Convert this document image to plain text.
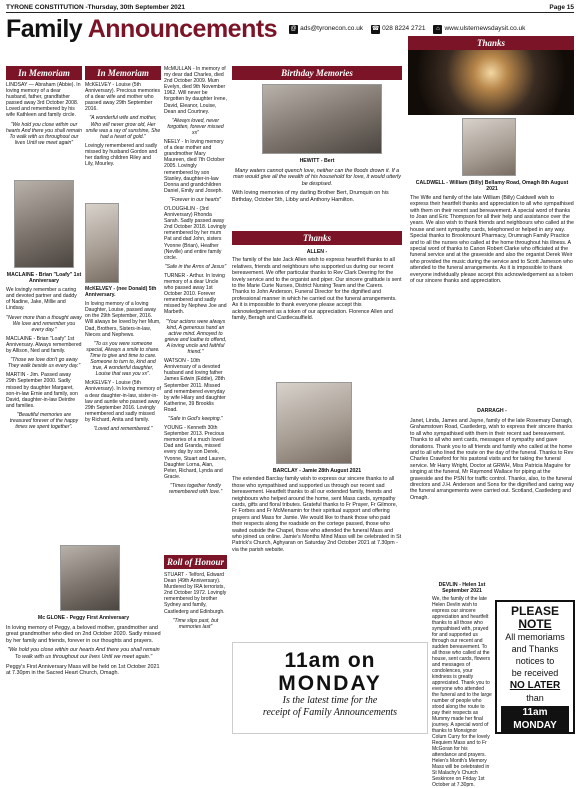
TYRONE CONSTITUTION -Thursday, 30th September 2021	Page 15
Family Announcements @ ads@tyronecon.co.uk ☎ 028 8224 2721	⌂ www.ulsternewsdaysit.co.uk
Thanks
In Memoriam

LINDSAY — Abraham (Abbie). In loving memory of a dear husband, father, grandfather passed away 3rd October 2008. Loved and remembered by his wife Kathleen and family circle.

"We hold you close within our hearts And there you shall remain To walk with us throughout our lives Until we meet again"

MACLAINE - Brian "Loafy" 1st Anniversary

We lovingly remember a caring and devoted partner and daddy of Nadine, Jake, Millie and Lindsay.

"Never more than a thought away We love and remember you every day."

MACLAINE - Brian "Loafy" 1st Anniversary. Always remembered by Allison, Ned and family.

"Those we love don't go away They walk beside us every day."

MARTIN - Jim. Passed away 29th September 2000. Sadly missed by daughter Margaret, son-in-law Ernie and family, son David, daughter-in-law Deirdre and families.

"Beautiful memories are treasured forever of the happy times we spent together".

In Memoriam

McKELVEY - Louise (5th Anniversary). Precious memories of a dear wife and mother who passed away 29th September 2016.

"A wonderful wife and mother, Who will never grow old, Her smile was a ray of sunshine, She had a heart of gold."

Lovingly remembered and sadly missed by husband Gordon and her darling children Riley and Lily, Mourley.

McKELVEY - (nee Donald) 5th Anniversary.

In loving memory of a loving Daughter, Louise, passed away on the 29th September, 2016. Will always be loved by her Mum, Dad, Brothers, Sisters-in-law, Nieces and Nephews.

"To us you were someone special, Always a smile to share. Time to give and time to care. Someone to turn to, kind and true, A wonderful daughter, Louise that was you xx".

McKELVEY - Louise (5th Anniversary). In loving memory of a dear daughter-in-law, sister-in-law and auntie who passed away 29th September 2016. Lovingly remembered and sadly missed by Richard, Anita and family.

"Loved and remembered."

Mc GLONE - Peggy First Anniversary

In loving memory of Peggy, a beloved mother, grandmother and great grandmother who died on 2nd October 2020. Sadly missed by her family and friends, forever in our thoughts and prayers.

"We hold you close within our hearts And there you shall remain To walk with us throughout our lives Until we meet again."

Peggy's First Anniversary Mass will be held on 1st October 2021 at 7.30pm in the Sacred Heart Church, Omagh.

McMULLAN - In memory of my dear dad Charles, died 2nd October 2009. Mum Evelyn, died 9th November 1962. Will never be forgotten by daughter Irene, David, Eleanor, Louise, Dean and Courtney.

"Always loved, never forgotten, forever missed xx"

NEELY - In loving memory of a dear mother and grandmother Mary Maureen, died 7th October 2005. Lovingly remembered by son Stanley, daughter-in-law Donna and grandchildren Daniel, Emily and Joseph.

"Forever in our hearts"

O'LOUGHLIN - (3rd Anniversary) Rhonda Sarah. Sadly passed away 2nd October 2018. Lovingly remembered by her mum Pat and dad John, sisters Yvonne (Brian), Heather (Neville) and entire family circle.

"Safe in the Arms of Jesus"

TURNER - Arthur. In loving memory of a dear Uncle who passed away 1st October 2010. Forever remembered and sadly missed by Nephew Joe and Marbeth.

"Your actions were always kind, A generous hand an active mind. Annoyed to grieve and loathe to offend, A loving uncle and faithful friend."

WATSON - 10th Anniversary of a devoted husband and loving father James Edwin (Eddie), 28th September 2011. Missed and remembered everyday by wife Hilary and daughter Katherine, 39 Brooklis Road.

"Safe in God's keeping."

YOUNG - Kenneth 30th September 2013. Precious memories of a much loved Dad and Granda, missed every day by son Derek, Yvonne, Stuart and Lauren, Daughter Lorna, Alan, Peter, Richard, Lynda and Gracie.

"Times together fondly remembered with love."

Roll of Honour

STUART - Telford, Edward Dean (49th Anniversary). Murdered by IRA terrorists, 2nd October 1972. Lovingly remembered by brother Sydney and family, Castlederg and Edinburgh.

"Time slips past, but memories last"

Birthday Memories
HEWITT - Bert

Many waters cannot quench love, neither can the floods drown it. If a man would give all the wealth of his household for love, it would utterly be despised.

With loving memories of my darling Brother Bert, Drumquin on his Birthday, October 5th, Libby and Anthony Hamilton.

Thanks
ALLEN -

The family of the late Jack Allen wish to express heartfelt thanks to all relatives, friends and neighbours who supported us during our recent bereavement. We offer particular thanks to Rev Clark Deering for the lovely service and to the organist and piper. Our sincere gratitude is sent to the Marie Curie Nurses, District Nursing Team and the Carers. Thanks to John Anderson, Funeral Director for the dignified and professional manner in which he carried out the funeral arrangements. As it is impossible to thank everyone please accept this acknowledgement as a token of our appreciation. Florence Allen and family, Beragh and Castlecaulfield.

BARCLAY - Jamie 28th August 2021

The extended Barclay family wish to express our sincere thanks to all those who sympathised and supported us through our recent sad bereavement. Heartfelt thanks to all our extended family, friends and neighbours who helped around the home, sent Mass cards, sympathy cards, gifts and floral tributes. Grateful thanks to Fr Prayer, Fr Gilmore, Fr Forbes and Fr McMenamin for their spiritual support and offering prayers and Mass for Jamie. We would like to thank those who paid their respects along the roadside on the cortege passed, those who waited outside the Chapel, those who attended the funeral Mass and who joined us online. Jamie's Months Mind Mass will be celebrated in St Patrick's Church, Aghyaran on Saturday 2nd October 2021 at 7.30pm - via the parish website.

11am on
MONDAY
Is the latest time for the
receipt of Family Announcements
CALDWELL - William (Billy) Bellamy Road, Omagh 8th August 2021

The Wife and family of the late William (Billy) Caldwell wish to express their heartfelt thanks and appreciation to all who sympathised with them on their recent sad bereavement. A special word of thanks to Joan and Eric Thompson for all their help and assistance over the years. We also wish to thank friends and neighbours who called at the house and sent sympathy cards, telephoned or helped in any way. Special thanks to Brookmount Pharmacy, Drumragh Family Practice and to all the nurses who called at the home throughout his illness. A special word of thanks to Canon Robert Clarke who officiated at the funeral service and at the graveside and also the organist Derek Weir who provided the music during the service and to Scott Jameson who attended to the funeral arrangements. As it is impossible to thank everyone individually please accept this acknowledgement as a token of our sincere thanks and appreciation.

DARRAGH -

Janet, Linda, James and Jayne, family of the late Rosemary Darragh, Grahamstown Road, Castlederg, wish to express their sincere thanks to all who sympathised with them in their recent sad bereavement. Thanks to all who sent cards, messages of sympathy and gave donations. Thank you to all friends and family who called at the home and to all who lined the route on the day of the funeral. Thanks to Rev Charles Crawford for his pastoral visits and for taking the funeral service. Mr Harry Wright, Doctor at GRWH, Miss Patricia Maguire for singing at the funeral, Mr Raymond Wallace for piping at the graveside and the PSNI for traffic control. Thanks, also, to the funeral directors and J.H. Anderson and Sons for the dignified and caring way the funeral arrangements were carried out. Scotland, Castlederg and Omagh.

DEVLIN - Helen 1st September 2021

We, the family of the late Helen Devlin wish to express our sincere appreciation and heartfelt thanks to all those who sympathised with, prayed for and supported us through our recent and sudden bereavement. To all those who called at the house, sent cards, flowers and messages of condolences, your kindness is greatly appreciated. Thank you to everyone who attended the funeral and to the large number of people who stood along the route to pay their respects as Mummy made her final journey. A special word of thanks to Monsignor Colum Curry for the lovely Requiem Mass and to Fr McGoran for his attendance and prayers. Helen's Month's Memory Mass will be celebrated in St Malachy's Church Seskinore on Friday 1st October at 7.30pm.

PLEASE
NOTE
All memoriams
and Thanks
notices to
be received
NO LATER
than
11am MONDAY
